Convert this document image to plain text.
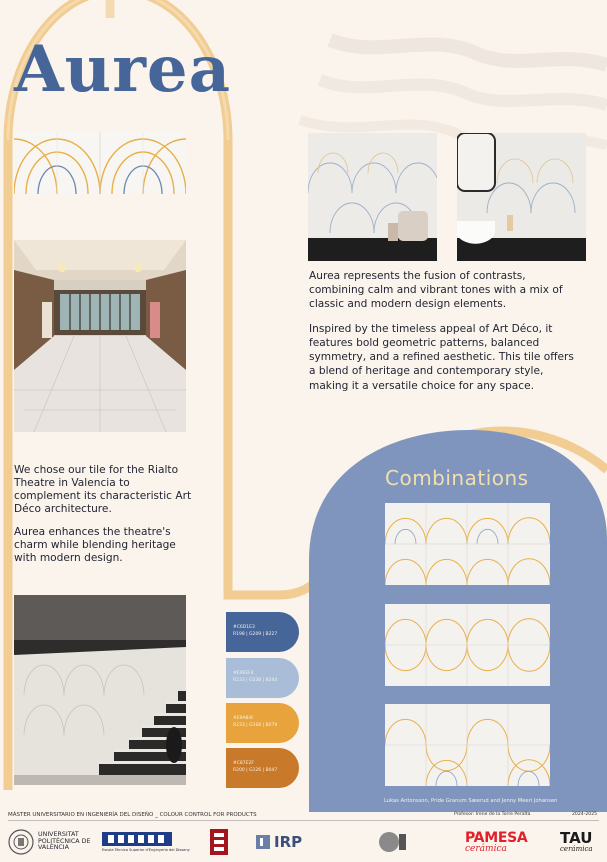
Aurea

We chose our tile for the Rialto Theatre in Valencia to complement its characteristic Art Déco architecture.

Aurea enhances the theatre's charm while blending heritage with modern design.

Aurea represents the fusion of contrasts, combining calm and vibrant tones with a mix of classic and modern design elements.

Inspired by the timeless appeal of Art Déco, it features bold geometric patterns, balanced symmetry, and a refined aesthetic. This tile offers a blend of heritage and contemporary style, making it a versatile choice for any space.

Combinations
Lukas Antonsson, Pride Granum Sæerud and Jenny Meeri Johansen
#C6D1E3
R198 | G209 | B227
#E9EEF4
R233 | G238 | B244
#E9A84F
R233 | G168 | B079
#C87E2F
R200 | G126 | B047
MÁSTER UNIVERSITARIO EN INGENIERÍA DEL DISEÑO _ COLOUR CONTROL FOR PRODUCTS	Profesor: Irene de la Torre Peralta	2024-2025
UNIVERSITAT POLITÈCNICA DE VALÈNCIA	Escola Tècnica Superior d'Enginyeria del Disseny	IRP	PAMESA
cerámica
TAU
cerámica
